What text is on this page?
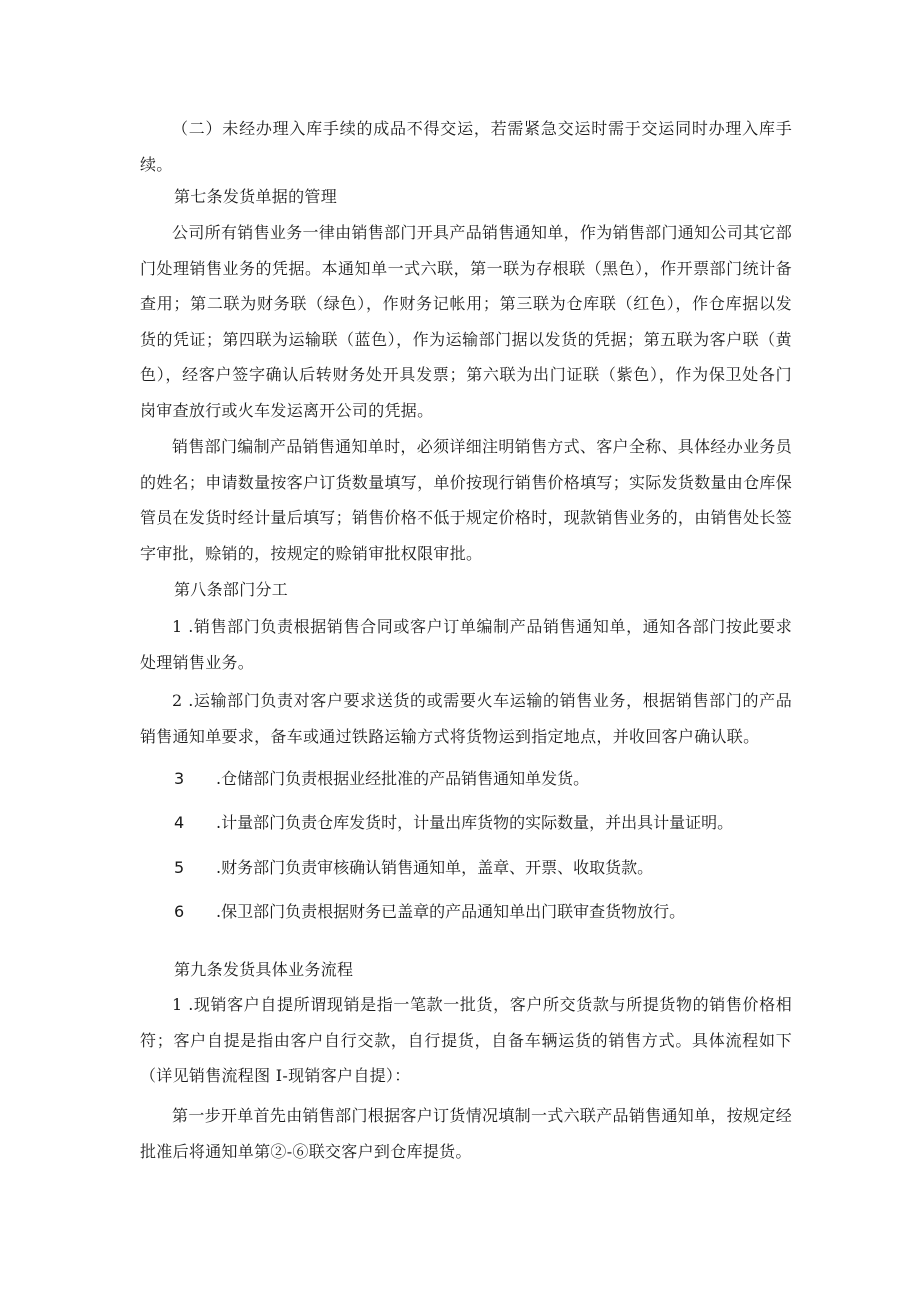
（二）未经办理入库手续的成品不得交运，若需紧急交运时需于交运同时办理入库手续。
第七条发货单据的管理
公司所有销售业务一律由销售部门开具产品销售通知单，作为销售部门通知公司其它部门处理销售业务的凭据。本通知单一式六联，第一联为存根联（黑色），作开票部门统计备查用；第二联为财务联（绿色），作财务记帐用；第三联为仓库联（红色），作仓库据以发货的凭证；第四联为运输联（蓝色），作为运输部门据以发货的凭据；第五联为客户联（黄色），经客户签字确认后转财务处开具发票；第六联为出门证联（紫色），作为保卫处各门岗审查放行或火车发运离开公司的凭据。
销售部门编制产品销售通知单时，必须详细注明销售方式、客户全称、具体经办业务员的姓名；申请数量按客户订货数量填写，单价按现行销售价格填写；实际发货数量由仓库保管员在发货时经计量后填写；销售价格不低于规定价格时，现款销售业务的，由销售处长签字审批，赊销的，按规定的赊销审批权限审批。
第八条部门分工
1 .销售部门负责根据销售合同或客户订单编制产品销售通知单，通知各部门按此要求处理销售业务。
2 .运输部门负责对客户要求送货的或需要火车运输的销售业务，根据销售部门的产品销售通知单要求，备车或通过铁路运输方式将货物运到指定地点，并收回客户确认联。
3 .仓储部门负责根据业经批准的产品销售通知单发货。
4 .计量部门负责仓库发货时，计量出库货物的实际数量，并出具计量证明。
5 .财务部门负责审核确认销售通知单，盖章、开票、收取货款。
6 .保卫部门负责根据财务已盖章的产品通知单出门联审查货物放行。
第九条发货具体业务流程
1 .现销客户自提所谓现销是指一笔款一批货，客户所交货款与所提货物的销售价格相符；客户自提是指由客户自行交款，自行提货，自备车辆运货的销售方式。具体流程如下（详见销售流程图 I-现销客户自提）：
第一步开单首先由销售部门根据客户订货情况填制一式六联产品销售通知单，按规定经批准后将通知单第②-⑥联交客户到仓库提货。
